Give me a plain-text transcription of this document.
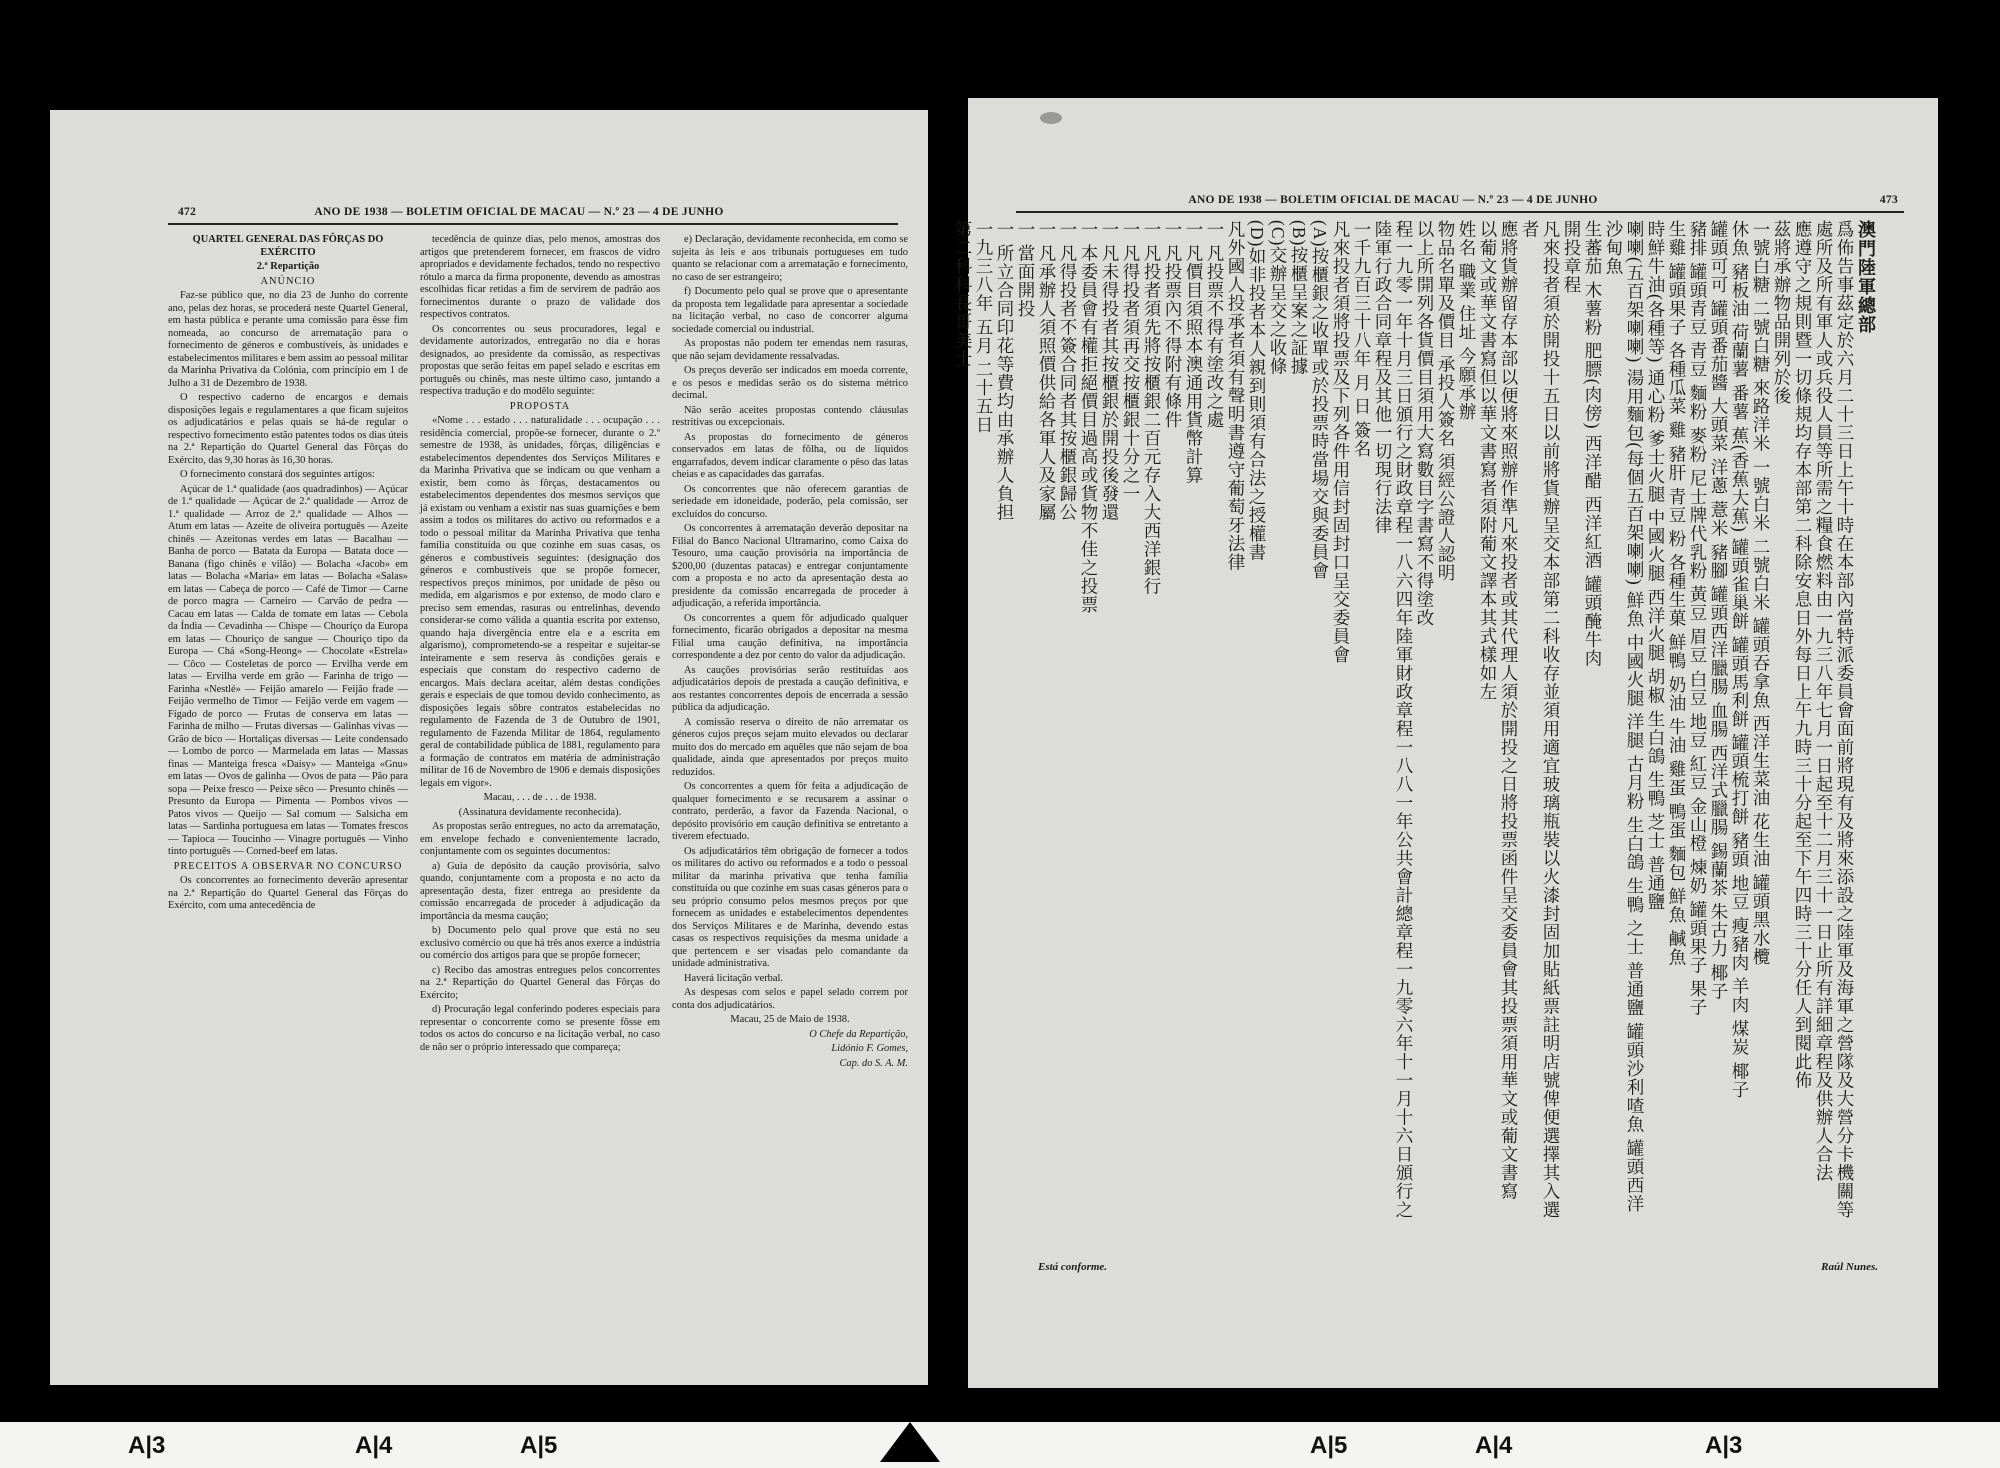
472	ANO DE 1938 — BOLETIM OFICIAL DE MACAU — N.º 23 — 4 DE JUNHO

QUARTEL GENERAL DAS FÔRÇAS DO EXÉRCITO

2.ª Repartição

ANÚNCIO

Faz-se público que, no dia 23 de Junho do corrente ano, pelas dez horas, se procederá neste Quartel General, em hasta pública e perante uma comissão para êsse fim nomeada, ao concurso de arrematação para o fornecimento de géneros e combustíveis, às unidades e estabelecimentos militares e bem assim ao pessoal militar da Marinha Privativa da Colónia, com princípio em 1 de Julho a 31 de Dezembro de 1938.

O respectivo caderno de encargos e demais disposições legais e regulamentares a que ficam sujeitos os adjudicatários e pelas quais se há-de regular o respectivo fornecimento estão patentes todos os dias úteis na 2.ª Repartição do Quartel General das Fôrças do Exército, das 9,30 horas às 16,30 horas.

O fornecimento constará dos seguintes artigos:

Açúcar de 1.ª qualidade (aos quadradinhos) — Açúcar de 1.ª qualidade — Açúcar de 2.ª qualidade — Arroz de 1.ª qualidade — Arroz de 2.ª qualidade — Alhos — Atum em latas — Azeite de oliveira português — Azeite chinês — Azeitonas verdes em latas — Bacalhau — Banha de porco — Batata da Europa — Batata doce — Banana (figo chinês e vilão) — Bolacha «Jacob» em latas — Bolacha «Maria» em latas — Bolacha «Salas» em latas — Cabeça de porco — Café de Timor — Carne de porco magra — Carneiro — Carvão de pedra — Cacau em latas — Calda de tomate em latas — Cebola da Índia — Cevadinha — Chispe — Chouriço da Europa em latas — Chouriço de sangue — Chouriço tipo da Europa — Chá «Song-Heong» — Chocolate «Estrela» — Côco — Costeletas de porco — Ervilha verde em latas — Ervilha verde em grão — Farinha de trigo — Farinha «Nestlé» — Feijão amarelo — Feijão frade — Feijão vermelho de Timor — Feijão verde em vagem — Fígado de porco — Frutas de conserva em latas — Farinha de milho — Frutas diversas — Galinhas vivas — Grão de bico — Hortaliças diversas — Leite condensado — Lombo de porco — Marmelada em latas — Massas finas — Manteiga fresca «Daisy» — Manteiga «Gnu» em latas — Ovos de galinha — Ovos de pata — Pão para sopa — Peixe fresco — Peixe sêco — Presunto chinês — Presunto da Europa — Pimenta — Pombos vivos — Patos vivos — Queijo — Sal comum — Salsicha em latas — Sardinha portuguesa em latas — Tomates frescos — Tapioca — Toucinho — Vinagre português — Vinho tinto português — Corned-beef em latas.

PRECEITOS A OBSERVAR NO CONCURSO

Os concorrentes ao fornecimento deverão apresentar na 2.ª Repartição do Quartel General das Fôrças do Exército, com uma antecedência de

tecedência de quinze dias, pelo menos, amostras dos artigos que pretenderem fornecer, em frascos de vidro apropriados e devidamente fechados, tendo no respectivo rótulo a marca da firma proponente, devendo as amostras escolhidas ficar retidas a fim de servirem de padrão aos fornecimentos durante o prazo de validade dos respectivos contratos.

Os concorrentes ou seus procuradores, legal e devidamente autorizados, entregarão no dia e horas designados, ao presidente da comissão, as respectivas propostas que serão feitas em papel selado e escritas em português ou chinês, mas neste último caso, juntando a respectiva tradução e do modêlo seguinte:

PROPOSTA

«Nome . . . estado . . . naturalidade . . . ocupação . . . residência comercial, propõe-se fornecer, durante o 2.º semestre de 1938, às unidades, fôrças, diligências e estabelecimentos dependentes dos Serviços Militares e da Marinha Privativa que se indicam ou que venham a existir, bem como às fôrças, destacamentos ou estabelecimentos dependentes dos mesmos serviços que já existam ou venham a existir nas suas guarnições e bem assim a todos os militares do activo ou reformados e a todo o pessoal militar da Marinha Privativa que tenha família constituída ou que cozinhe em suas casas, os géneros e combustíveis seguintes: (designação dos géneros e combustíveis que se propõe fornecer, respectivos preços mínimos, por unidade de pêso ou medida, em algarismos e por extenso, de modo claro e preciso sem emendas, rasuras ou entrelinhas, devendo considerar-se como válida a quantia escrita por extenso, quando haja divergência entre ela e a escrita em algarismo), comprometendo-se a respeitar e sujeitar-se inteiramente e sem reserva às condições gerais e especiais que constam do respectivo caderno de encargos. Mais declara aceitar, além destas condições gerais e especiais de que tomou devido conhecimento, as disposições legais sôbre contratos estabelecidas no regulamento de Fazenda de 3 de Outubro de 1901, regulamento de Fazenda Militar de 1864, regulamento geral de contabilidade pública de 1881, regulamento para a formação de contratos em matéria de administração militar de 16 de Novembro de 1906 e demais disposições legais em vigor».

Macau, . . . de . . . de 1938.

(Assinatura devidamente reconhecida).

As propostas serão entregues, no acto da arrematação, em envelope fechado e convenientemente lacrado, conjuntamente com os seguintes documentos:

a) Guia de depósito da caução provisória, salvo quando, conjuntamente com a proposta e no acto da apresentação desta, fizer entrega ao presidente da comissão encarregada de proceder à adjudicação da importância da mesma caução;

b) Documento pelo qual prove que está no seu exclusivo comércio ou que há três anos exerce a indústria ou comércio dos artigos para que se propõe fornecer;

c) Recibo das amostras entregues pelos concorrentes na 2.ª Repartição do Quartel General das Fôrças do Exército;

d) Procuração legal conferindo poderes especiais para representar o concorrente como se presente fôsse em todos os actos do concurso e na licitação verbal, no caso de não ser o próprio interessado que compareça;

e) Declaração, devidamente reconhecida, em como se sujeita às leis e aos tribunais portugueses em tudo quanto se relacionar com a arrematação e fornecimento, no caso de ser estrangeiro;

f) Documento pelo qual se prove que o apresentante da proposta tem legalidade para apresentar a sociedade na licitação verbal, no caso de concorrer alguma sociedade comercial ou industrial.

As propostas não podem ter emendas nem rasuras, que não sejam devidamente ressalvadas.

Os preços deverão ser indicados em moeda corrente, e os pesos e medidas serão os do sistema métrico decimal.

Não serão aceites propostas contendo cláusulas restritivas ou excepcionais.

As propostas do fornecimento de géneros conservados em latas de fôlha, ou de líquidos engarrafados, devem indicar claramente o pêso das latas cheias e as capacidades das garrafas.

Os concorrentes que não oferecem garantias de seriedade em idoneidade, poderão, pela comissão, ser excluídos do concurso.

Os concorrentes à arrematação deverão depositar na Filial do Banco Nacional Ultramarino, como Caixa do Tesouro, uma caução provisória na importância de $200,00 (duzentas patacas) e entregar conjuntamente com a proposta e no acto da apresentação desta ao presidente da comissão encarregada de proceder à adjudicação, a referida importância.

Os concorrentes a quem fôr adjudicado qualquer fornecimento, ficarão obrigados a depositar na mesma Filial uma caução definitiva, na importância correspondente a dez por cento do valor da adjudicação.

As cauções provisórias serão restituídas aos adjudicatários depois de prestada a caução definitiva, e aos restantes concorrentes depois de encerrada a sessão pública da adjudicação.

A comissão reserva o direito de não arrematar os géneros cujos preços sejam muito elevados ou declarar muito dos do mercado em aquêles que não sejam de boa qualidade, ainda que apresentados por preços muito reduzidos.

Os concorrentes a quem fôr feita a adjudicação de qualquer fornecimento e se recusarem a assinar o contrato, perderão, a favor da Fazenda Nacional, o depósito provisório em caução definitiva se entretanto a tiverem efectuado.

Os adjudicatários têm obrigação de fornecer a todos os militares do activo ou reformados e a todo o pessoal militar da marinha privativa que tenha família constituída ou que cozinhe em suas casas géneros para o seu próprio consumo pelos mesmos preços por que fornecem as unidades e estabelecimentos dependentes dos Serviços Militares e de Marinha, devendo estas casas os respectivos requisições da mesma unidade a que pertencem e ser visadas pelo comandante da unidade administrativa.

Haverá licitação verbal.

As despesas com selos e papel selado correm por conta dos adjudicatários.

Macau, 25 de Maio de 1938.

O Chefe da Repartição,

Lidónio F. Gomes,

Cap. do S. A. M.

ANO DE 1938 — BOLETIM OFICIAL DE MACAU — N.º 23 — 4 DE JUNHO	473
澳門陸軍總部
爲佈告事茲定於六月二十三日上午十時在本部內當特派委員會面前將現有及將來添設之陸軍及海軍之營隊及大營分卡機關等
處所及所有軍人或兵役人員等所需之糧食燃料由一九三八年七月一日起至十二月三十一日止所有詳細章程及供辦人合法
應遵守之規則暨一切條規均存本部第二科除安息日外每日上午九時三十分起至下午四時三十分任人到閱此佈
茲將承辦物品開列於後
一號白糖 二號白糖 來路洋米 一號白米 二號白米 罐頭吞拿魚 西洋生菜油 花生油 罐頭黑水欖
休魚 豬板油 荷蘭薯 番薯 蕉(香蕉大蕉) 罐頭雀巢餅 罐頭馬利餅 罐頭梳打餅 豬頭 地豆 瘦豬肉 羊肉 煤炭 椰子
罐頭可可 罐頭番茄醬 大頭菜 洋蔥 薏米 豬腳 罐頭西洋臘腸 血腸 西洋式臘腸 錫蘭茶 朱古力 椰子
豬排 罐頭青豆 青豆 麵粉 麥粉 尼士牌代乳粉 黃豆 眉豆 白豆 地豆 紅豆 金山橙 煉奶 罐頭果子 果子
生雞 罐頭果子 各種瓜菜 雞 豬肝 青豆 粉 各種生菓 鮮鴨 奶油 牛油 雞蛋 鴨蛋 麵包 鮮魚 鹹魚
時鮮牛油(各種等) 通心粉 爹士火腿 中國火腿 西洋火腿 胡椒 生白鴿 生鴨 芝士 普通鹽
喇喇(五百架喇喇) 湯用麵包(每個五百架喇喇) 鮮魚 中國火腿 洋腿 古月粉 生白鴿 生鴨 之士 普通鹽 罐頭沙利喳魚 罐頭西洋沙甸魚
生蕃茄 木薯粉 肥膘(肉傍) 西洋醋 西洋紅酒 罐頭醃牛肉
開投章程
凡來投者須於開投十五日以前將貨辦呈交本部第二科收存並須用適宜玻璃瓶裝以火漆封固加貼紙票註明店號俾便選擇其入選者
應將貨辦留存本部以便將來照辦作準凡來投者或其代理人須於開投之日將投票函件呈交委員會其投票須用華文或葡文書寫
以葡文或華文書寫但以華文書寫者須附葡文譯本其式樣如左
姓名 職業 住址 今願承辦
物品名單及價目 承投人簽名 須經公證人認明
以上所開列各貨價目須用大寫數目字書寫不得塗改
程一九零一年十月三日頒行之財政章程一八六四年陸軍財政章程一八八一年公共會計總章程一九零六年十一月十六日頒行之陸軍行政合同章程及其他一切現行法律
一千九百三十八年 月 日 簽名
凡來投者須將投票及下列各件用信封固封口呈交委員會
(A)按櫃銀之收單或於投票時當場交與委員會
(B)按櫃呈案之証據
(C)交辦呈交之收條
(D)如非投者本人親到則須有合法之授權書
凡外國人投承者須有聲明書遵守葡萄牙法律
一 凡投票不得有塗改之處
一 凡價目須照本澳通用貨幣計算
一 凡投票內不得附有條件
一 凡投者須先將按櫃銀二百元存入大西洋銀行
一 凡得投者須再交按櫃銀十分之一
一 凡未得投者其按櫃銀於開投後發還
一 本委員會有權拒絕價目過高或貨物不佳之投票
一 凡得投者不簽合同者其按櫃銀歸公
一 凡承辦人須照價供給各軍人及家屬
一 當面開投
一 所立合同印花等費均由承辦人負担
一九三八年 五月 二十五日
第二科科長哥美士
Está conforme.	Raúl Nunes.
A|3	A|4	A|5	A|5	A|4	A|3
